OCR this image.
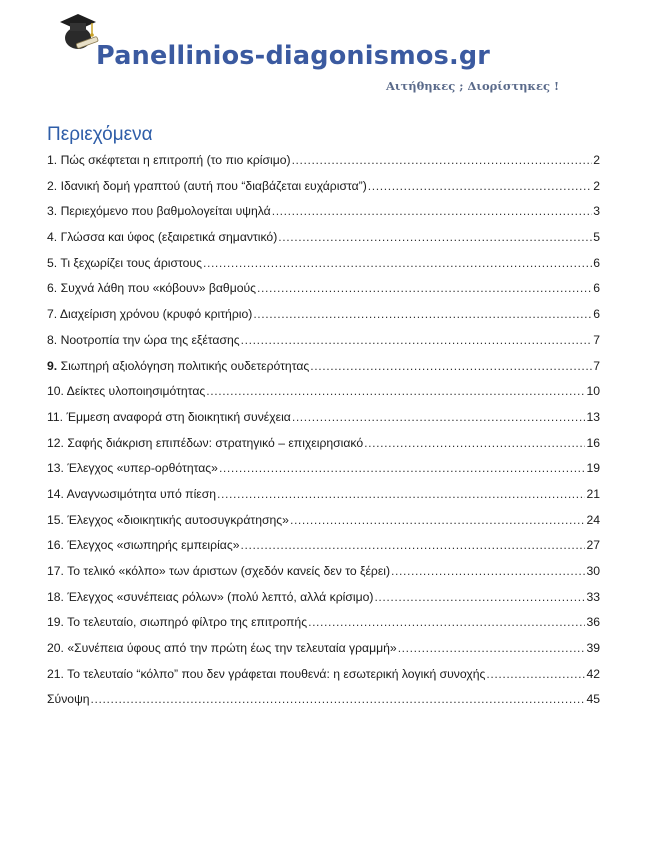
Panellinios-diagonismos.gr
Αιτήθηκες ; Διορίστηκες !
Περιεχόμενα
1. Πώς σκέφτεται η επιτροπή (το πιο κρίσιμο) .....	2
2. Ιδανική δομή γραπτού (αυτή που “διαβάζεται ευχάριστα”) .....	2
3. Περιεχόμενο που βαθμολογείται υψηλά .....	3
4. Γλώσσα και ύφος (εξαιρετικά σημαντικό) .....	5
5. Τι ξεχωρίζει τους άριστους .....	6
6. Συχνά λάθη που «κόβουν» βαθμούς .....	6
7. Διαχείριση χρόνου (κρυφό κριτήριο) .....	6
8. Νοοτροπία την ώρα της εξέτασης .....	7
9. Σιωπηρή αξιολόγηση πολιτικής ουδετερότητας .....	7
10. Δείκτες υλοποιησιμότητας .....	10
11. Έμμεση αναφορά στη διοικητική συνέχεια .....	13
12. Σαφής διάκριση επιπέδων: στρατηγικό – επιχειρησιακό .....	16
13. Έλεγχος «υπερ-ορθότητας» .....	19
14. Αναγνωσιμότητα υπό πίεση .....	21
15. Έλεγχος «διοικητικής αυτοσυγκράτησης» .....	24
16. Έλεγχος «σιωπηρής εμπειρίας» .....	27
17. Το τελικό «κόλπο» των άριστων (σχεδόν κανείς δεν το ξέρει) .....	30
18. Έλεγχος «συνέπειας ρόλων» (πολύ λεπτό, αλλά κρίσιμο) .....	33
19. Το τελευταίο, σιωπηρό φίλτρο της επιτροπής .....	36
20. «Συνέπεια ύφους από την πρώτη έως την τελευταία γραμμή» .....	39
21. Το τελευταίο “κόλπο” που δεν γράφεται πουθενά: η εσωτερική λογική συνοχής .....	42
Σύνοψη .....	45
